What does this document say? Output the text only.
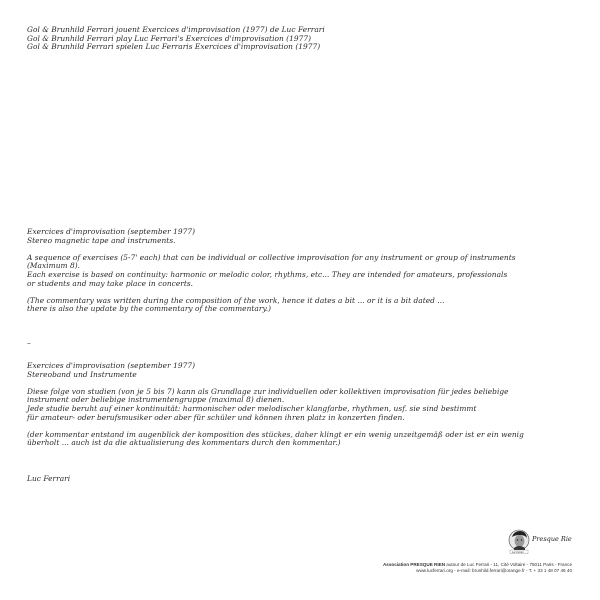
Gol & Brunhild Ferrari jouent Exercices d'improvisation (1977) de Luc Ferrari
Gol & Brunhild Ferrari play Luc Ferrari's Exercices d'improvisation (1977)
Gol & Brunhild Ferrari spielen Luc Ferraris Exercices d'improvisation (1977)
Exercices d'improvisation (september 1977)
Stereo magnetic tape and instruments.
A sequence of exercises (5-7' each) that can be individual or collective improvisation for any instrument or group of instruments
(Maximum 8).
Each exercise is based on continuity: harmonic or melodic color, rhythms, etc... They are intended for amateurs, professionals
or students and may take place in concerts.
(The commentary was written during the composition of the work, hence it dates a bit ... or it is a bit dated ...
there is also the update by the commentary of the commentary.)
–
Exercices d'improvisation (september 1977)
Stereoband und Instrumente
Diese folge von studien (von je 5 bis 7) kann als Grundlage zur individuellen oder kollektiven improvisation für jedes beliebige
instrument oder beliebige instrumentengruppe (maximal 8) dienen.
Jede studie beruht auf einer kontinuität: harmonischer oder melodischer klangfarbe, rhythmen, usf. sie sind bestimmt
für amateur- oder berufsmusiker oder aber für schüler und können ihren platz in konzerten finden.
(der kommentar entstand im augenblick der komposition des stückes, daher klingt er ein wenig unzeitgemäß oder ist er ein wenig
überholt ... auch ist da die aktualisierung des kommentars durch den kommentar.)
Luc Ferrari
Presque Rien
Luc Ferrari
Association PRESQUE RIEN autour de Luc Ferrari - 11, Cité Voltaire - 75011 Paris - France
www.lucferrari.org - e-mail: brunhild.ferrari@orange.fr - T. + 33 1 48 07 46 40
